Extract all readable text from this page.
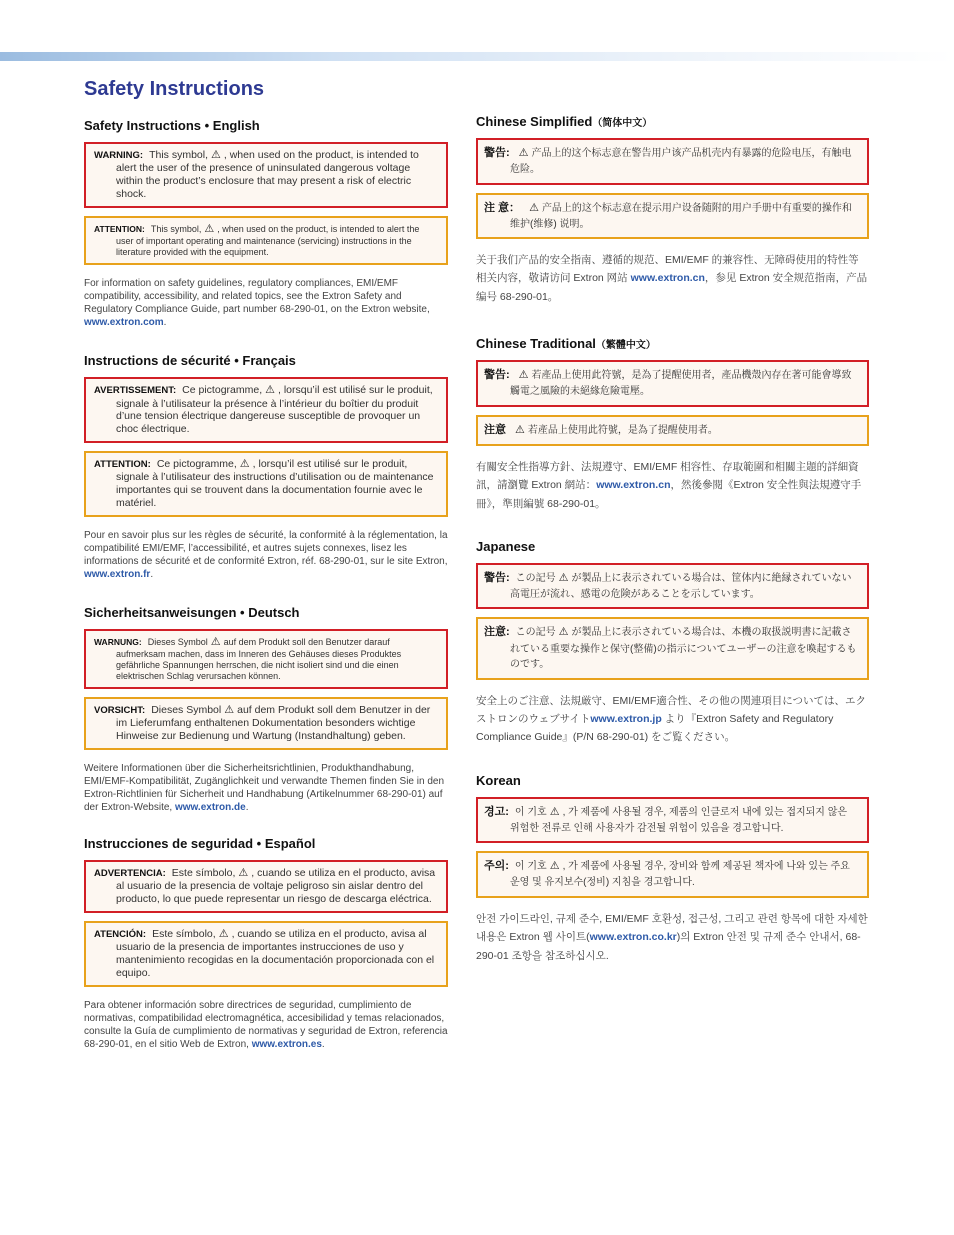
Safety Instructions
Safety Instructions • English
WARNING: This symbol, ⚠ , when used on the product, is intended to alert the user of the presence of uninsulated dangerous voltage within the product’s enclosure that may present a risk of electric shock.
ATTENTION: This symbol, ⚠ , when used on the product, is intended to alert the user of important operating and maintenance (servicing) instructions in the literature provided with the equipment.

For information on safety guidelines, regulatory compliances, EMI/EMF compatibility, accessibility, and related topics, see the Extron Safety and Regulatory Compliance Guide, part number 68-290-01, on the Extron website, www.extron.com.

Instructions de sécurité • Français
AVERTISSEMENT: Ce pictogramme, ⚠ , lorsqu’il est utilisé sur le produit, signale à l’utilisateur la présence à l’intérieur du boîtier du produit d’une tension électrique dangereuse susceptible de provoquer un choc électrique.
ATTENTION: Ce pictogramme, ⚠ , lorsqu’il est utilisé sur le produit, signale à l’utilisateur des instructions d’utilisation ou de maintenance importantes qui se trouvent dans la documentation fournie avec le matériel.

Pour en savoir plus sur les règles de sécurité, la conformité à la réglementation, la compatibilité EMI/EMF, l’accessibilité, et autres sujets connexes, lisez les informations de sécurité et de conformité Extron, réf. 68-290-01, sur le site Extron, www.extron.fr.

Sicherheitsanweisungen • Deutsch
WARNUNG: Dieses Symbol ⚠ auf dem Produkt soll den Benutzer darauf aufmerksam machen, dass im Inneren des Gehäuses dieses Produktes gefährliche Spannungen herrschen, die nicht isoliert sind und die einen elektrischen Schlag verursachen können.
VORSICHT: Dieses Symbol ⚠ auf dem Produkt soll dem Benutzer in der im Lieferumfang enthaltenen Dokumentation besonders wichtige Hinweise zur Bedienung und Wartung (Instandhaltung) geben.

Weitere Informationen über die Sicherheitsrichtlinien, Produkthandhabung, EMI/EMF-Kompatibilität, Zugänglichkeit und verwandte Themen finden Sie in den Extron-Richtlinien für Sicherheit und Handhabung (Artikelnummer 68-290-01) auf der Extron-Website, www.extron.de.

Instrucciones de seguridad • Español
ADVERTENCIA: Este símbolo, ⚠ , cuando se utiliza en el producto, avisa al usuario de la presencia de voltaje peligroso sin aislar dentro del producto, lo que puede representar un riesgo de descarga eléctrica.
ATENCIÓN: Este símbolo, ⚠ , cuando se utiliza en el producto, avisa al usuario de la presencia de importantes instrucciones de uso y mantenimiento recogidas en la documentación proporcionada con el equipo.

Para obtener información sobre directrices de seguridad, cumplimiento de normativas, compatibilidad electromagnética, accesibilidad y temas relacionados, consulte la Guía de cumplimiento de normativas y seguridad de Extron, referencia 68-290-01, en el sitio Web de Extron, www.extron.es.

Chinese Simplified（简体中文）
警告: ⚠ 产品上的这个标志意在警告用户该产品机壳内有暴露的危险电压，有触电危险。
注 意： ⚠ 产品上的这个标志意在提示用户设备随附的用户手册中有重要的操作和维护(维修) 说明。

关于我们产品的安全指南、遵循的规范、EMI/EMF 的兼容性、无障碍使用的特性等相关内容，敬请访问 Extron 网站 www.extron.cn，参见 Extron 安全规范指南，产品编号 68-290-01。

Chinese Traditional（繁體中文）
警告: ⚠ 若產品上使用此符號，是為了提醒使用者，產品機殼內存在著可能會導致觸電之風險的未絕緣危險電壓。
注意 ⚠ 若產品上使用此符號，是為了提醒使用者。

有關安全性指導方針、法規遵守、EMI/EMF 相容性、存取範圍和相關主題的詳細資訊，請瀏覽 Extron 網站：www.extron.cn，然後參閱《Extron 安全性與法規遵守手冊》，準則編號 68-290-01。

Japanese
警告: この記号 ⚠ が製品上に表示されている場合は、筐体内に絶縁されていない高電圧が流れ、感電の危険があることを示しています。
注意: この記号 ⚠ が製品上に表示されている場合は、本機の取扱説明書に記載されている重要な操作と保守(整備)の指示についてユーザーの注意を喚起するものです。

安全上のご注意、法規厳守、EMI/EMF適合性、その他の関連項目については、エクストロンのウェブサイトwww.extron.jp より『Extron Safety and Regulatory Compliance Guide』(P/N 68-290-01) をご覧ください。

Korean
경고: 이 기호 ⚠ , 가 제품에 사용될 경우, 제품의 인클로저 내에 있는 접지되지 않은 위험한 전류로 인해 사용자가 감전될 위험이 있음을 경고합니다.
주의: 이 기호 ⚠ , 가 제품에 사용될 경우, 장비와 함께 제공된 책자에 나와 있는 주요 운영 및 유지보수(정비) 지침을 경고합니다.

안전 가이드라인, 규제 준수, EMI/EMF 호환성, 접근성, 그리고 관련 항목에 대한 자세한 내용은 Extron 웹 사이트(www.extron.co.kr)의 Extron 안전 및 규제 준수 안내서, 68-290-01 조항을 참조하십시오.
